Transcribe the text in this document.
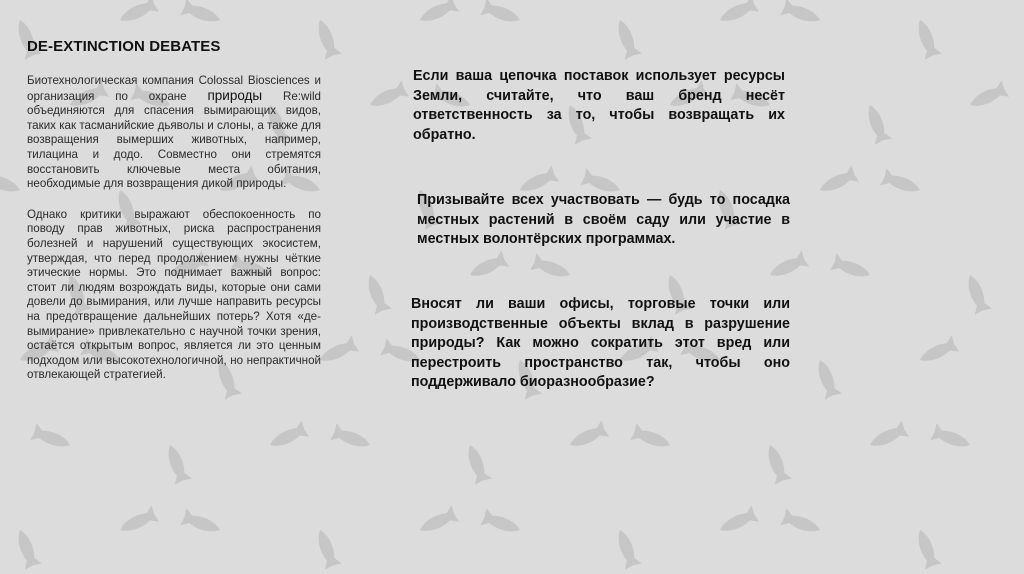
DE-EXTINCTION DEBATES

Биотехнологическая компания Colossal Biosciences и организация по охране природы Re:wild объединяются для спасения вымирающих видов, таких как тасманийские дьяволы и слоны, а также для возвращения вымерших животных, например, тилацина и додо. Совместно они стремятся восстановить ключевые места обитания, необходимые для возвращения дикой природы.

Однако критики выражают обеспокоенность по поводу прав животных, риска распространения болезней и нарушений существующих экосистем, утверждая, что перед продолжением нужны чёткие этические нормы. Это поднимает важный вопрос: стоит ли людям возрождать виды, которые они сами довели до вымирания, или лучше направить ресурсы на предотвращение дальнейших потерь? Хотя «де-вымирание» привлекательно с научной точки зрения, остаётся открытым вопрос, является ли это ценным подходом или высокотехнологичной, но непрактичной отвлекающей стратегией.

Если ваша цепочка поставок использует ресурсы Земли, считайте, что ваш бренд несёт ответственность за то, чтобы возвращать их обратно.
Призывайте всех участвовать — будь то посадка местных растений в своём саду или участие в местных волонтёрских программах.
Вносят ли ваши офисы, торговые точки или производственные объекты вклад в разрушение природы? Как можно сократить этот вред или перестроить пространство так, чтобы оно поддерживало биоразнообразие?
